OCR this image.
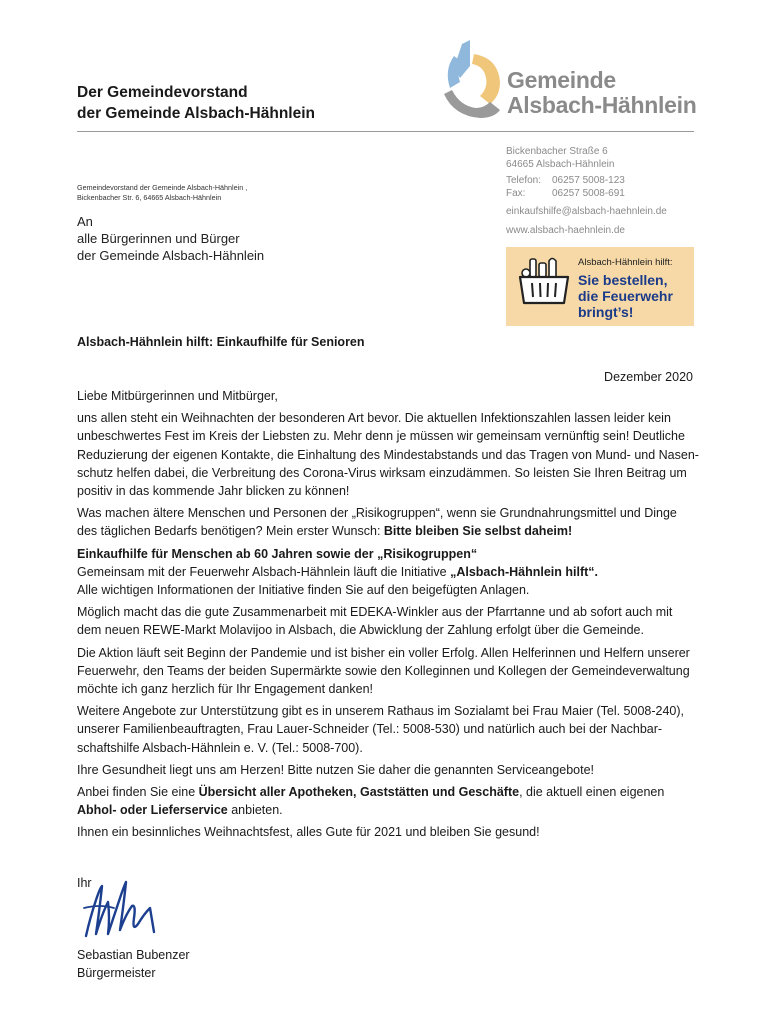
Der Gemeindevorstand
der Gemeinde Alsbach-Hähnlein
Gemeinde
Alsbach-Hähnlein
Bickenbacher Straße 6
64665 Alsbach-Hähnlein
Telefon: 06257 5008-123
Fax:	06257 5008-691
einkaufshilfe@alsbach-haehnlein.de
www.alsbach-haehnlein.de
Gemeindevorstand der Gemeinde Alsbach-Hähnlein ,
Bickenbacher Str. 6, 64665 Alsbach-Hähnlein
An
alle Bürgerinnen und Bürger
der Gemeinde Alsbach-Hähnlein	Alsbach-Hähnlein hilft:
Sie bestellen,
die Feuerwehr
bringt’s!
Alsbach-Hähnlein hilft: Einkaufhilfe für Senioren
Dezember 2020

Liebe Mitbürgerinnen und Mitbürger,

uns allen steht ein Weihnachten der besonderen Art bevor. Die aktuellen Infektionszahlen lassen leider kein
unbeschwertes Fest im Kreis der Liebsten zu. Mehr denn je müssen wir gemeinsam vernünftig sein! Deutliche
Reduzierung der eigenen Kontakte, die Einhaltung des Mindestabstands und das Tragen von Mund- und Nasen-
schutz helfen dabei, die Verbreitung des Corona-Virus wirksam einzudämmen. So leisten Sie Ihren Beitrag um
positiv in das kommende Jahr blicken zu können!

Was machen ältere Menschen und Personen der „Risikogruppen“, wenn sie Grundnahrungsmittel und Dinge
des täglichen Bedarfs benötigen? Mein erster Wunsch: Bitte bleiben Sie selbst daheim!

Einkaufhilfe für Menschen ab 60 Jahren sowie der „Risikogruppen“
Gemeinsam mit der Feuerwehr Alsbach-Hähnlein läuft die Initiative „Alsbach-Hähnlein hilft“.
Alle wichtigen Informationen der Initiative finden Sie auf den beigefügten Anlagen.

Möglich macht das die gute Zusammenarbeit mit EDEKA-Winkler aus der Pfarrtanne und ab sofort auch mit
dem neuen REWE-Markt Molavijoo in Alsbach, die Abwicklung der Zahlung erfolgt über die Gemeinde.

Die Aktion läuft seit Beginn der Pandemie und ist bisher ein voller Erfolg. Allen Helferinnen und Helfern unserer
Feuerwehr, den Teams der beiden Supermärkte sowie den Kolleginnen und Kollegen der Gemeindeverwaltung
möchte ich ganz herzlich für Ihr Engagement danken!

Weitere Angebote zur Unterstützung gibt es in unserem Rathaus im Sozialamt bei Frau Maier (Tel. 5008-240),
unserer Familienbeauftragten, Frau Lauer-Schneider (Tel.: 5008-530) und natürlich auch bei der Nachbar-
schaftshilfe Alsbach-Hähnlein e. V. (Tel.: 5008-700).

Ihre Gesundheit liegt uns am Herzen! Bitte nutzen Sie daher die genannten Serviceangebote!

Anbei finden Sie eine Übersicht aller Apotheken, Gaststätten und Geschäfte, die aktuell einen eigenen
Abhol- oder Lieferservice anbieten.

Ihnen ein besinnliches Weihnachtsfest, alles Gute für 2021 und bleiben Sie gesund!

Ihr
Sebastian Bubenzer
Bürgermeister
